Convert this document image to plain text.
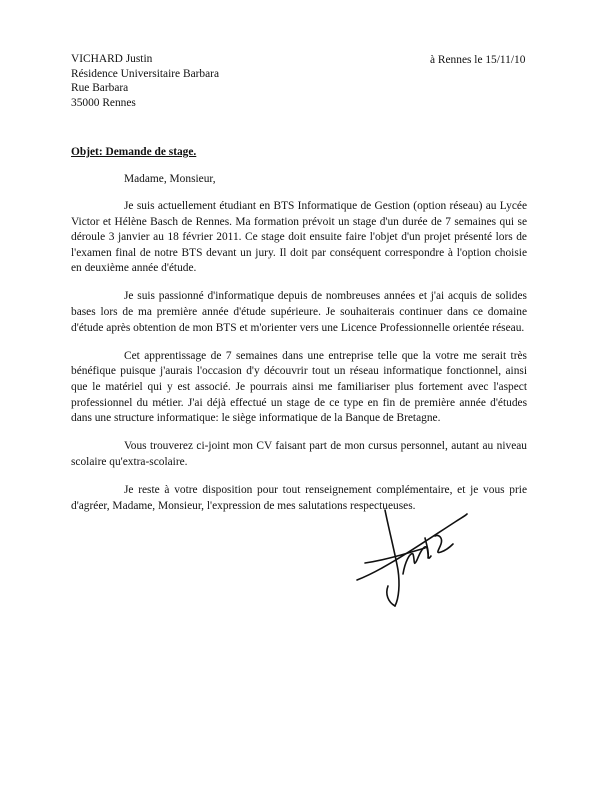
VICHARD Justin
Résidence Universitaire Barbara
Rue Barbara
35000 Rennes
à Rennes le 15/11/10
Objet: Demande de stage.
Madame, Monsieur,

Je suis actuellement étudiant en BTS Informatique de Gestion (option réseau) au Lycée Victor et Hélène Basch de Rennes. Ma formation prévoit un stage d'un durée de 7 semaines qui se déroule 3 janvier au 18 février 2011. Ce stage doit ensuite faire l'objet d'un projet présenté lors de l'examen final de notre BTS devant un jury. Il doit par conséquent correspondre à l'option choisie en deuxième année d'étude.

Je suis passionné d'informatique depuis de nombreuses années et j'ai acquis de solides bases lors de ma première année d'étude supérieure. Je souhaiterais continuer dans ce domaine d'étude après obtention de mon BTS et m'orienter vers une Licence Professionnelle orientée réseau.

Cet apprentissage de 7 semaines dans une entreprise telle que la votre me serait très bénéfique puisque j'aurais l'occasion d'y découvrir tout un réseau informatique fonctionnel, ainsi que le matériel qui y est associé. Je pourrais ainsi me familiariser plus fortement avec l'aspect professionnel du métier. J'ai déjà effectué un stage de ce type en fin de première année d'études dans une structure informatique: le siège informatique de la Banque de Bretagne.

Vous trouverez ci-joint mon CV faisant part de mon cursus personnel, autant au niveau scolaire qu'extra-scolaire.

Je reste à votre disposition pour tout renseignement complémentaire, et je vous prie d'agréer, Madame, Monsieur, l'expression de mes salutations respectueuses.
